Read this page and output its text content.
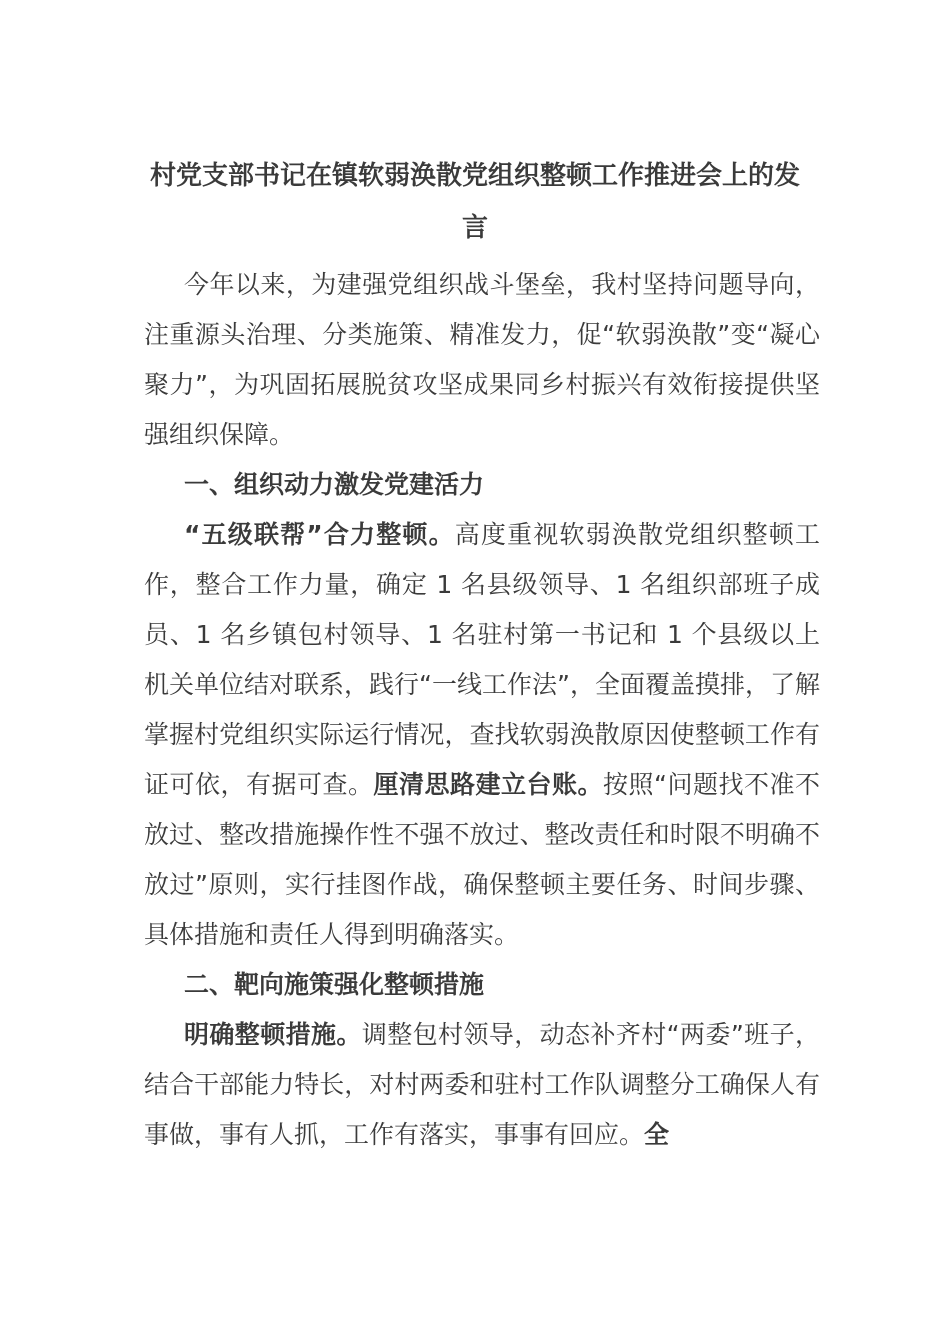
村党支部书记在镇软弱涣散党组织整顿工作推进会上的发言

今年以来，为建强党组织战斗堡垒，我村坚持问题导向，注重源头治理、分类施策、精准发力，促“软弱涣散”变“凝心聚力”，为巩固拓展脱贫攻坚成果同乡村振兴有效衔接提供坚强组织保障。

一、组织动力激发党建活力

“五级联帮”合力整顿。高度重视软弱涣散党组织整顿工作，整合工作力量，确定 1 名县级领导、1 名组织部班子成员、1 名乡镇包村领导、1 名驻村第一书记和 1 个县级以上机关单位结对联系，践行“一线工作法”，全面覆盖摸排，了解掌握村党组织实际运行情况，查找软弱涣散原因使整顿工作有证可依，有据可查。厘清思路建立台账。按照“问题找不准不放过、整改措施操作性不强不放过、整改责任和时限不明确不放过”原则，实行挂图作战，确保整顿主要任务、时间步骤、具体措施和责任人得到明确落实。

二、靶向施策强化整顿措施

明确整顿措施。调整包村领导，动态补齐村“两委”班子，结合干部能力特长，对村两委和驻村工作队调整分工确保人有事做，事有人抓，工作有落实，事事有回应。全
